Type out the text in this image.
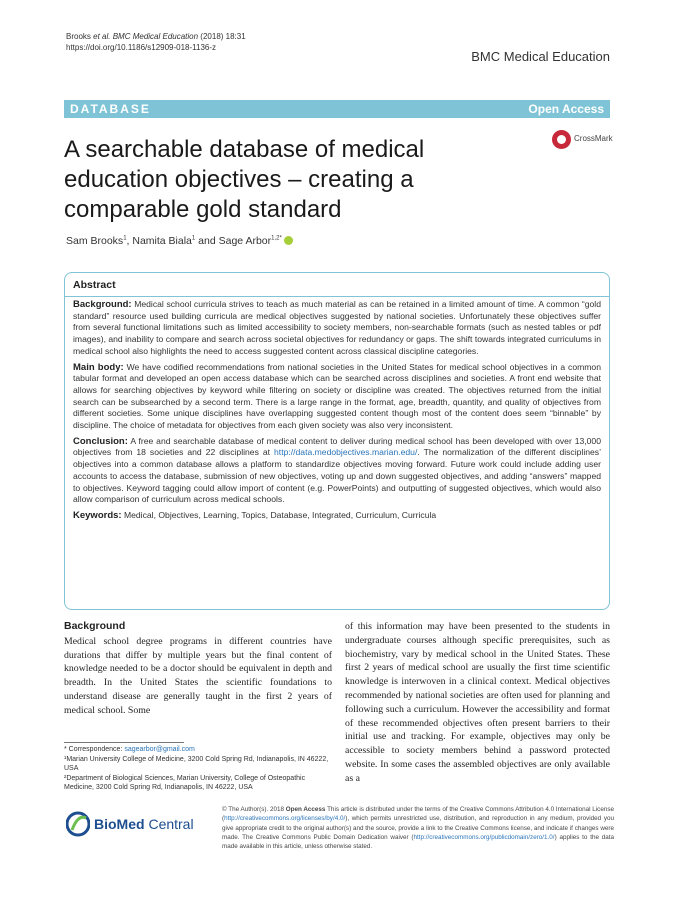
Brooks et al. BMC Medical Education (2018) 18:31
https://doi.org/10.1186/s12909-018-1136-z
BMC Medical Education
DATABASE	Open Access
CrossMark
A searchable database of medical education objectives – creating a comparable gold standard
Sam Brooks$^1$, Namita Biala$^1$ and Sage Arbor$^{1,2*}$
Abstract

Background: Medical school curricula strives to teach as much material as can be retained in a limited amount of time. A common “gold standard” resource used building curricula are medical objectives suggested by national societies. Unfortunately these objectives suffer from several functional limitations such as limited accessibility to society members, non-searchable formats (such as nested tables or pdf images), and inability to compare and search across societal objectives for redundancy or gaps. The shift towards integrated curriculums in medical school also highlights the need to access suggested content across classical discipline categories.

Main body: We have codified recommendations from national societies in the United States for medical school objectives in a common tabular format and developed an open access database which can be searched across disciplines and societies. A front end website that allows for searching objectives by keyword while filtering on society or discipline was created. The objectives returned from the initial search can be subsearched by a second term. There is a large range in the format, age, breadth, quantity, and quality of objectives from different societies. Some unique disciplines have overlapping suggested content though most of the content does seem “binnable” by discipline. The choice of metadata for objectives from each given society was also very inconsistent.

Conclusion: A free and searchable database of medical content to deliver during medical school has been developed with over 13,000 objectives from 18 societies and 22 disciplines at http://data.medobjectives.marian.edu/. The normalization of the different disciplines’ objectives into a common database allows a platform to standardize objectives moving forward. Future work could include adding user accounts to access the database, submission of new objectives, voting up and down suggested objectives, and adding “answers” mapped to objectives. Keyword tagging could allow import of content (e.g. PowerPoints) and outputting of suggested objectives, which would also allow comparison of curriculum across medical schools.

Keywords: Medical, Objectives, Learning, Topics, Database, Integrated, Curriculum, Curricula

Background

Medical school degree programs in different countries have durations that differ by multiple years but the final content of knowledge needed to be a doctor should be equivalent in depth and breadth. In the United States the scientific foundations to understand disease are generally taught in the first 2 years of medical school. Some

of this information may have been presented to the students in undergraduate courses although specific prerequisites, such as biochemistry, vary by medical school in the United States. These first 2 years of medical school are usually the first time scientific knowledge is interwoven in a clinical context. Medical objectives recommended by national societies are often used for planning and following such a curriculum. However the accessibility and format of these recommended objectives often present barriers to their initial use and tracking. For example, objectives may only be accessible to society members behind a password protected website. In some cases the assembled objectives are only available as a

* Correspondence: sagearbor@gmail.com

¹Marian University College of Medicine, 3200 Cold Spring Rd, Indianapolis, IN 46222, USA

²Department of Biological Sciences, Marian University, College of Osteopathic Medicine, 3200 Cold Spring Rd, Indianapolis, IN 46222, USA

BioMed Central
© The Author(s). 2018 Open Access This article is distributed under the terms of the Creative Commons Attribution 4.0 International License (http://creativecommons.org/licenses/by/4.0/), which permits unrestricted use, distribution, and reproduction in any medium, provided you give appropriate credit to the original author(s) and the source, provide a link to the Creative Commons license, and indicate if changes were made. The Creative Commons Public Domain Dedication waiver (http://creativecommons.org/publicdomain/zero/1.0/) applies to the data made available in this article, unless otherwise stated.
